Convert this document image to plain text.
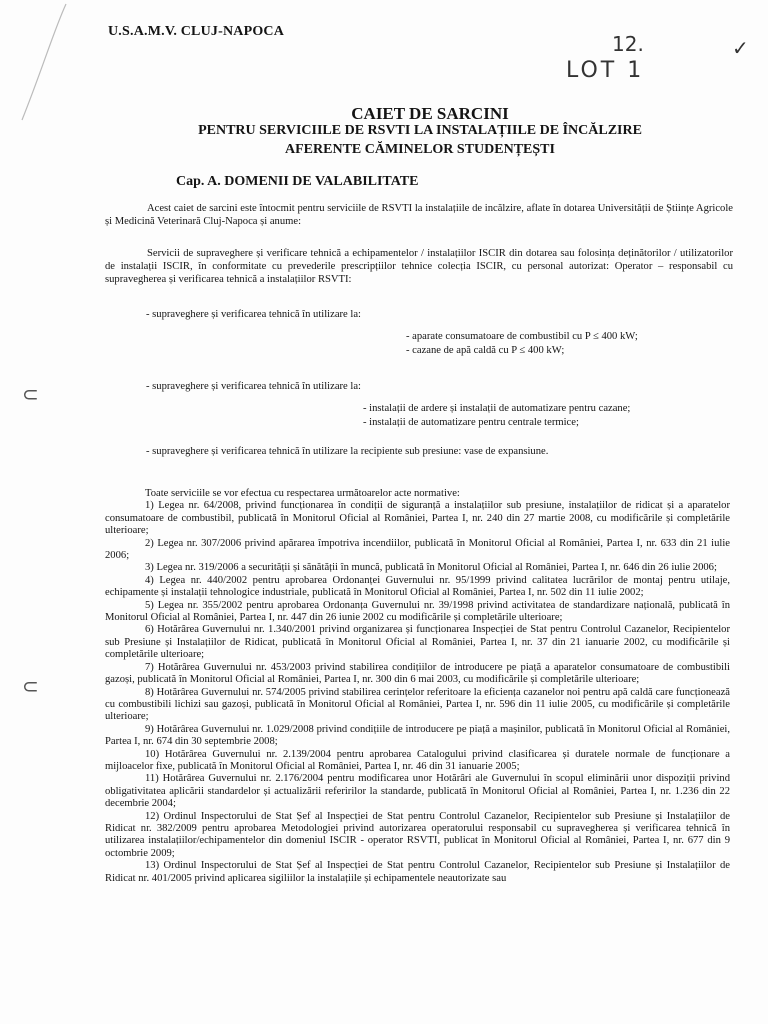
U.S.A.M.V. CLUJ-NAPOCA
12.
LOT 1
✓
⊂
⊂
CAIET DE SARCINI
PENTRU SERVICIILE DE RSVTI LA INSTALAȚIILE DE ÎNCĂLZIRE
AFERENTE CĂMINELOR STUDENȚEȘTI
Cap. A. DOMENII DE VALABILITATE
Acest caiet de sarcini este întocmit pentru serviciile de RSVTI la instalațiile de incălzire, aflate în dotarea Universității de Științe Agricole și Medicină Veterinară Cluj-Napoca și anume:
Servicii de supraveghere și verificare tehnică a echipamentelor / instalațiilor ISCIR din dotarea sau folosința deținătorilor / utilizatorilor de instalații ISCIR, în conformitate cu prevederile prescripțiilor tehnice colecția ISCIR, cu personal autorizat: Operator – responsabil cu supravegherea și verificarea tehnică a instalațiilor RSVTI:
- supraveghere și verificarea tehnică în utilizare la:
- aparate consumatoare de combustibil cu P ≤ 400 kW;
- cazane de apă caldă cu P ≤ 400 kW;
- supraveghere și verificarea tehnică în utilizare la:
- instalații de ardere și instalații de automatizare pentru cazane;
- instalații de automatizare pentru centrale termice;
- supraveghere și verificarea tehnică în utilizare la recipiente sub presiune: vase de expansiune.

Toate serviciile se vor efectua cu respectarea următoarelor acte normative:

1) Legea nr. 64/2008, privind funcționarea în condiții de siguranță a instalațiilor sub presiune, instalațiilor de ridicat și a aparatelor consumatoare de combustibil, publicată în Monitorul Oficial al României, Partea I, nr. 240 din 27 martie 2008, cu modificările și completările ulterioare;

2) Legea nr. 307/2006 privind apărarea împotriva incendiilor, publicată în Monitorul Oficial al României, Partea I, nr. 633 din 21 iulie 2006;

3) Legea nr. 319/2006 a securității și sănătății în muncă, publicată în Monitorul Oficial al României, Partea I, nr. 646 din 26 iulie 2006;

4) Legea nr. 440/2002 pentru aprobarea Ordonanței Guvernului nr. 95/1999 privind calitatea lucrărilor de montaj pentru utilaje, echipamente și instalații tehnologice industriale, publicată în Monitorul Oficial al României, Partea I, nr. 502 din 11 iulie 2002;

5) Legea nr. 355/2002 pentru aprobarea Ordonanța Guvernului nr. 39/1998 privind activitatea de standardizare națională, publicată în Monitorul Oficial al României, Partea I, nr. 447 din 26 iunie 2002 cu modificările și completările ulterioare;

6) Hotărârea Guvernului nr. 1.340/2001 privind organizarea și funcționarea Inspecției de Stat pentru Controlul Cazanelor, Recipientelor sub Presiune și Instalațiilor de Ridicat, publicată în Monitorul Oficial al României, Partea I, nr. 37 din 21 ianuarie 2002, cu modificările și completările ulterioare;

7) Hotărârea Guvernului nr. 453/2003 privind stabilirea condițiilor de introducere pe piață a aparatelor consumatoare de combustibili gazoși, publicată în Monitorul Oficial al României, Partea I, nr. 300 din 6 mai 2003, cu modificările și completările ulterioare;

8) Hotărârea Guvernului nr. 574/2005 privind stabilirea cerințelor referitoare la eficiența cazanelor noi pentru apă caldă care funcționează cu combustibili lichizi sau gazoși, publicată în Monitorul Oficial al României, Partea I, nr. 596 din 11 iulie 2005, cu modificările și completările ulterioare;

9) Hotărârea Guvernului nr. 1.029/2008 privind condițiile de introducere pe piață a mașinilor, publicată în Monitorul Oficial al României, Partea I, nr. 674 din 30 septembrie 2008;

10) Hotărârea Guvernului nr. 2.139/2004 pentru aprobarea Catalogului privind clasificarea și duratele normale de funcționare a mijloacelor fixe, publicată în Monitorul Oficial al României, Partea I, nr. 46 din 31 ianuarie 2005;

11) Hotărârea Guvernului nr. 2.176/2004 pentru modificarea unor Hotărâri ale Guvernului în scopul eliminării unor dispoziții privind obligativitatea aplicării standardelor și actualizării referirilor la standarde, publicată în Monitorul Oficial al României, Partea I, nr. 1.236 din 22 decembrie 2004;

12) Ordinul Inspectorului de Stat Șef al Inspecției de Stat pentru Controlul Cazanelor, Recipientelor sub Presiune și Instalațiilor de Ridicat nr. 382/2009 pentru aprobarea Metodologiei privind autorizarea operatorului responsabil cu supravegherea și verificarea tehnică în utilizarea instalațiilor/echipamentelor din domeniul ISCIR - operator RSVTI, publicat în Monitorul Oficial al României, Partea I, nr. 677 din 9 octombrie 2009;

13) Ordinul Inspectorului de Stat Șef al Inspecției de Stat pentru Controlul Cazanelor, Recipientelor sub Presiune și Instalațiilor de Ridicat nr. 401/2005 privind aplicarea sigiliilor la instalațiile și echipamentele neautorizate sau
